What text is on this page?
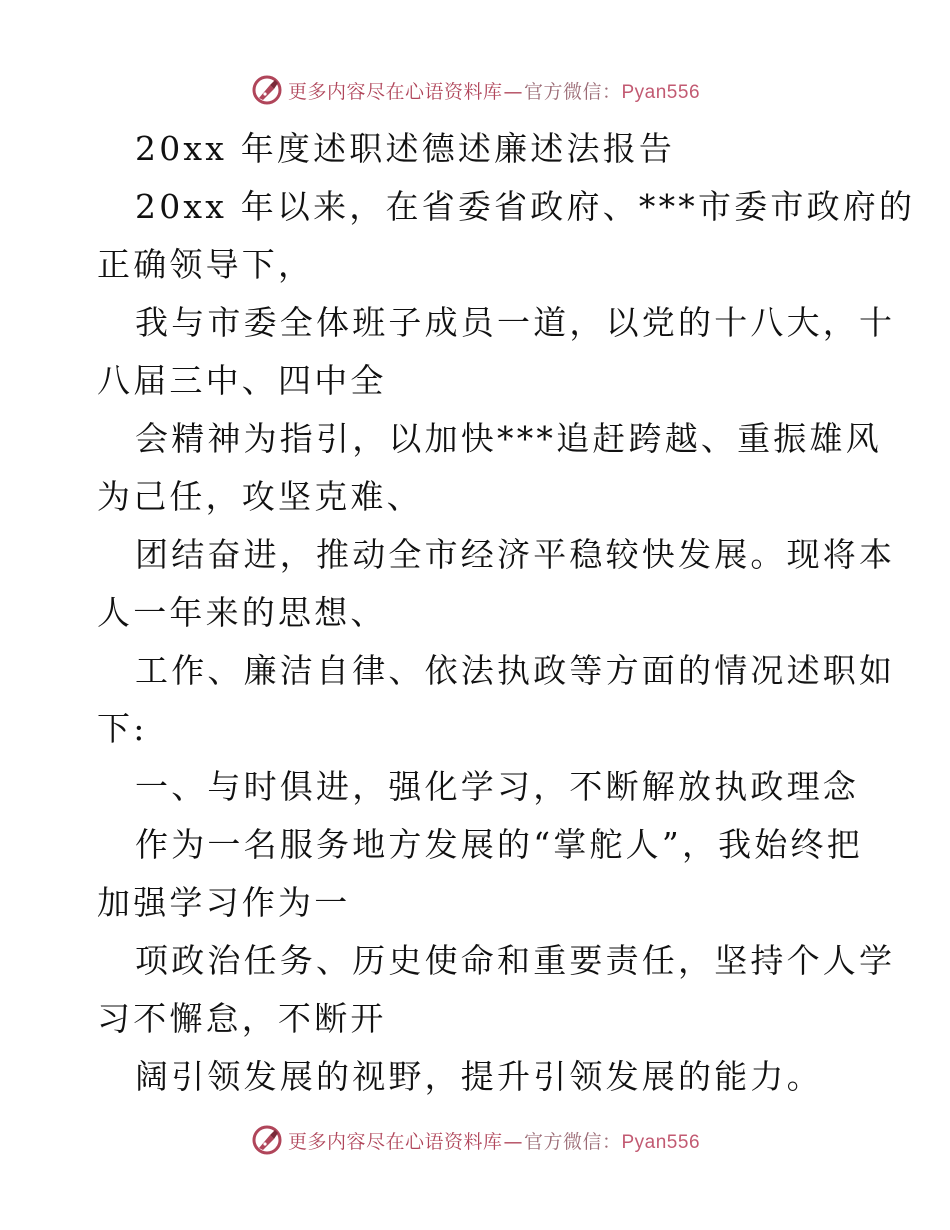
更多内容尽在心语资料库—官方微信：Pyan556
20xx 年度述职述德述廉述法报告
20xx 年以来，在省委省政府、***市委市政府的
正确领导下，
我与市委全体班子成员一道，以党的十八大，十
八届三中、四中全
会精神为指引，以加快***追赶跨越、重振雄风
为己任，攻坚克难、
团结奋进，推动全市经济平稳较快发展。现将本
人一年来的思想、
工作、廉洁自律、依法执政等方面的情况述职如
下:
一、与时俱进，强化学习，不断解放执政理念
作为一名服务地方发展的“掌舵人”，我始终把
加强学习作为一
项政治任务、历史使命和重要责任，坚持个人学
习不懈怠，不断开
阔引领发展的视野，提升引领发展的能力。
更多内容尽在心语资料库—官方微信：Pyan556
